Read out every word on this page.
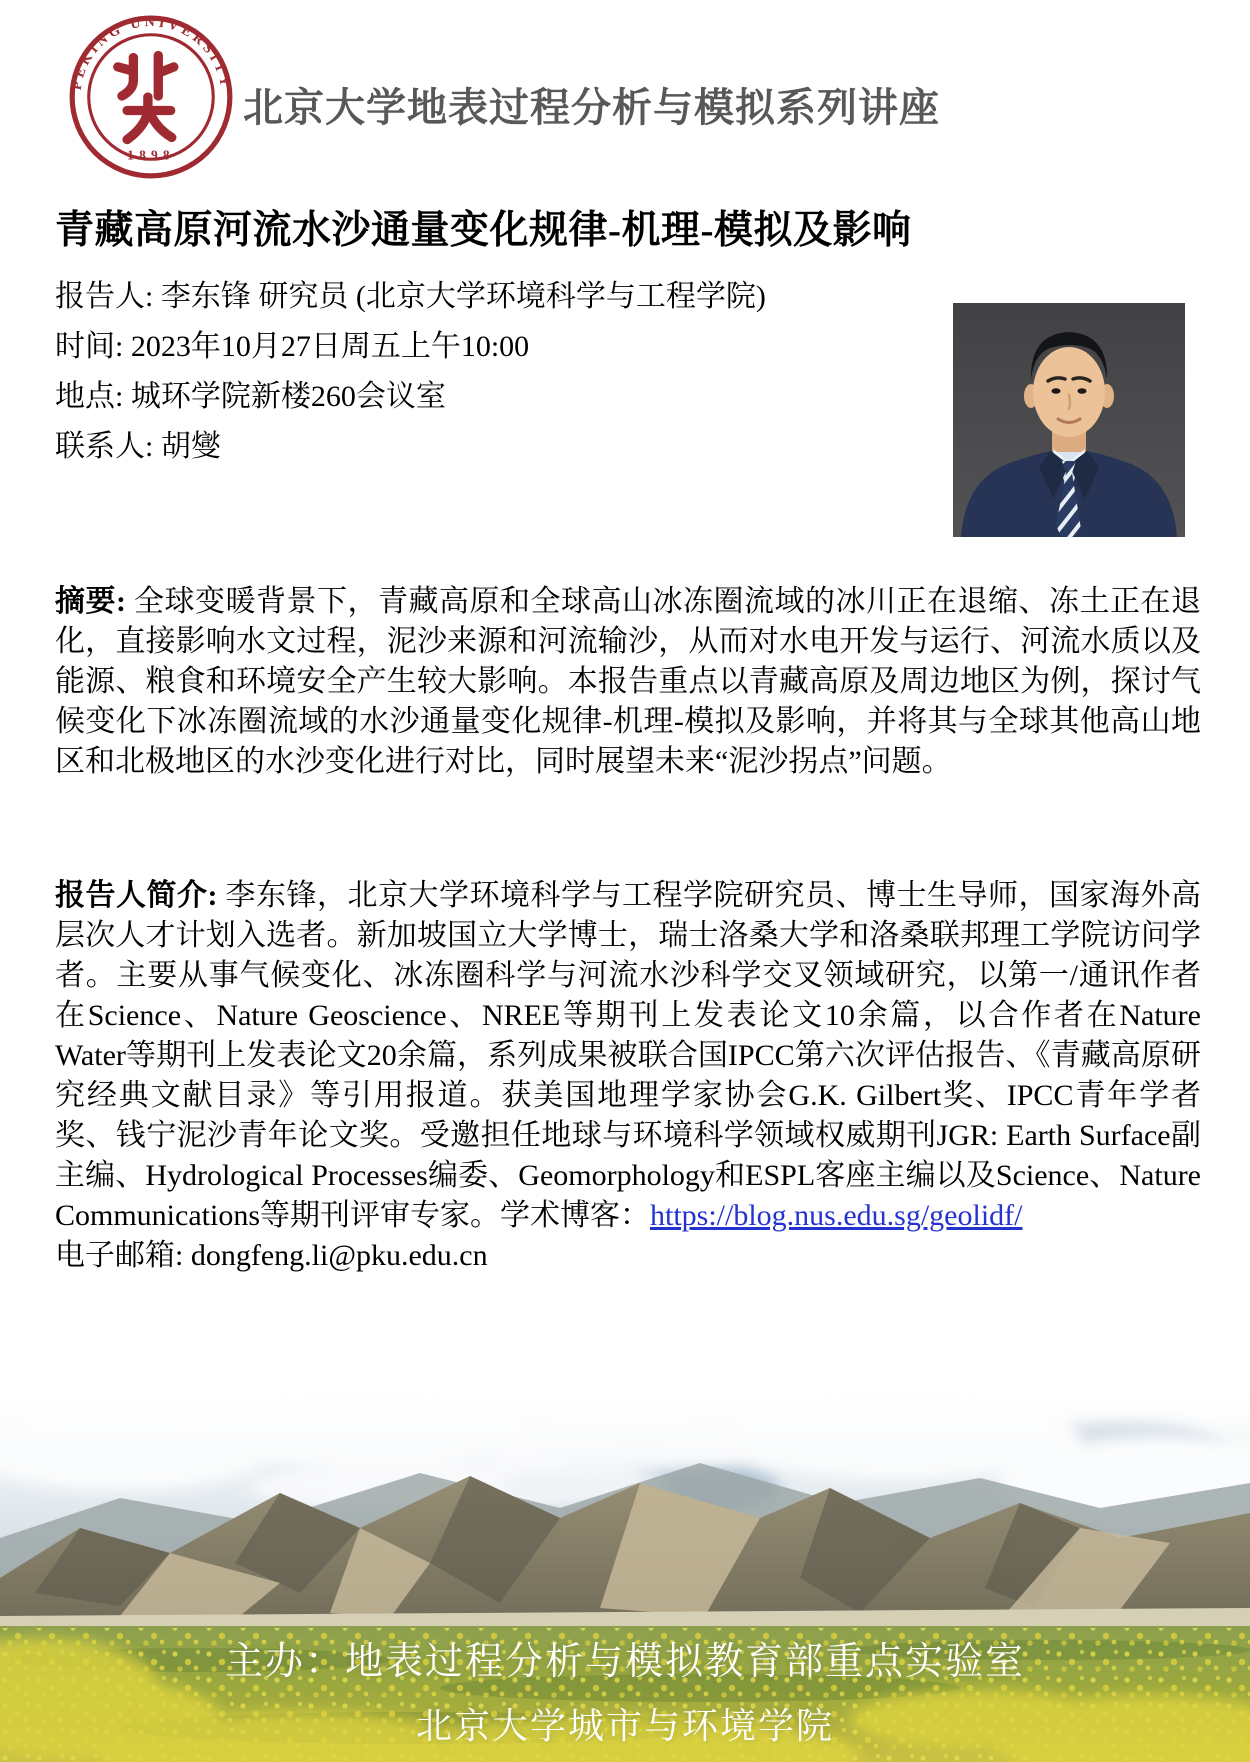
PEKING UNIVERSITY
1898
北京大学地表过程分析与模拟系列讲座
青藏高原河流水沙通量变化规律-机理-模拟及影响
报告人: 李东锋 研究员 (北京大学环境科学与工程学院)
时间: 2023年10月27日周五上午10:00
地点: 城环学院新楼260会议室
联系人: 胡燮
摘要: 全球变暖背景下，青藏高原和全球高山冰冻圈流域的冰川正在退缩、冻土正在退化，直接影响水文过程，泥沙来源和河流输沙，从而对水电开发与运行、河流水质以及能源、粮食和环境安全产生较大影响。本报告重点以青藏高原及周边地区为例，探讨气候变化下冰冻圈流域的水沙通量变化规律-机理-模拟及影响，并将其与全球其他高山地区和北极地区的水沙变化进行对比，同时展望未来“泥沙拐点”问题。
报告人简介: 李东锋，北京大学环境科学与工程学院研究员、博士生导师，国家海外高层次人才计划入选者。新加坡国立大学博士，瑞士洛桑大学和洛桑联邦理工学院访问学者。主要从事气候变化、冰冻圈科学与河流水沙科学交叉领域研究，以第一/通讯作者在Science、Nature Geoscience、NREE等期刊上发表论文10余篇，以合作者在Nature Water等期刊上发表论文20余篇，系列成果被联合国IPCC第六次评估报告、《青藏高原研究经典文献目录》等引用报道。获美国地理学家协会G.K. Gilbert奖、IPCC青年学者奖、钱宁泥沙青年论文奖。受邀担任地球与环境科学领域权威期刊JGR: Earth Surface副主编、Hydrological Processes编委、Geomorphology和ESPL客座主编以及Science、Nature Communications等期刊评审专家。学术博客：https://blog.nus.edu.sg/geolidf/
电子邮箱: dongfeng.li@pku.edu.cn
主办：地表过程分析与模拟教育部重点实验室
北京大学城市与环境学院
